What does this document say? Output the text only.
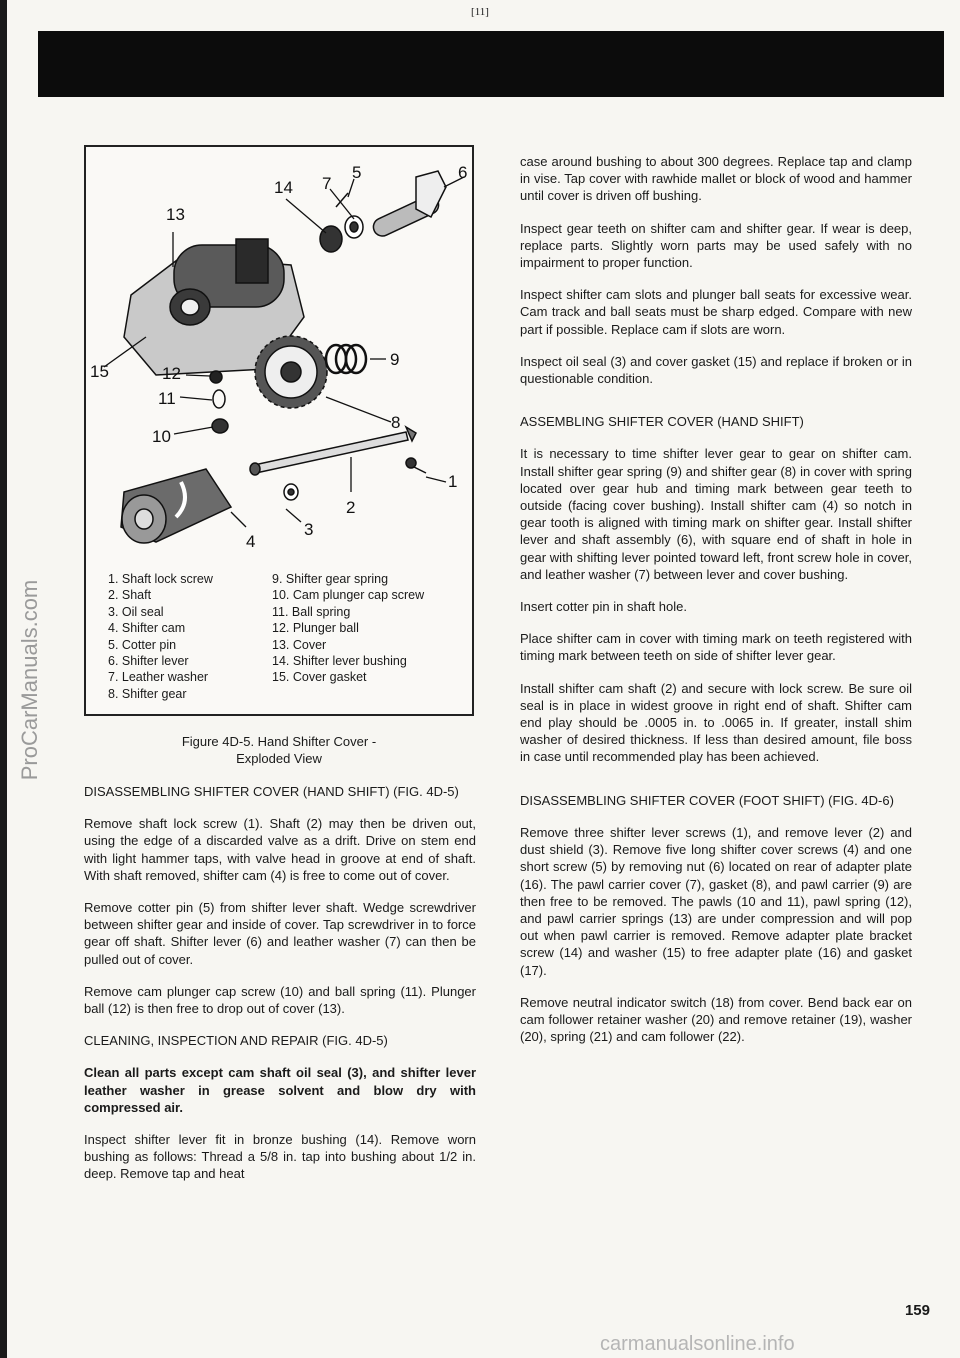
[11]
ProCarManuals.com
13
14 7
5	6
9
8
15	12
11
10
1
2
3
4
1. Shaft lock screw
2. Shaft
3. Oil seal
4. Shifter cam
5. Cotter pin
6. Shifter lever
7. Leather washer
8. Shifter gear
9. Shifter gear spring
10. Cam plunger cap screw
11. Ball spring
12. Plunger ball
13. Cover
14. Shifter lever bushing
15. Cover gasket
Figure 4D-5. Hand Shifter Cover -
Exploded View
DISASSEMBLING SHIFTER COVER (HAND SHIFT) (FIG. 4D-5)

Remove shaft lock screw (1). Shaft (2) may then be driven out, using the edge of a discarded valve as a drift. Drive on stem end with light hammer taps, with valve head in groove at end of shaft. With shaft removed, shifter cam (4) is free to come out of cover.

Remove cotter pin (5) from shifter lever shaft. Wedge screwdriver between shifter gear and inside of cover. Tap screwdriver in to force gear off shaft. Shifter lever (6) and leather washer (7) can then be pulled out of cover.

Remove cam plunger cap screw (10) and ball spring (11). Plunger ball (12) is then free to drop out of cover (13).

CLEANING, INSPECTION AND REPAIR (FIG. 4D-5)

Clean all parts except cam shaft oil seal (3), and shifter lever leather washer in grease solvent and blow dry with compressed air.

Inspect shifter lever fit in bronze bushing (14). Remove worn bushing as follows: Thread a 5/8 in. tap into bushing about 1/2 in. deep. Remove tap and heat

case around bushing to about 300 degrees. Replace tap and clamp in vise. Tap cover with rawhide mallet or block of wood and hammer until cover is driven off bushing.

Inspect gear teeth on shifter cam and shifter gear. If wear is deep, replace parts. Slightly worn parts may be used safely with no impairment to proper function.

Inspect shifter cam slots and plunger ball seats for excessive wear. Cam track and ball seats must be sharp edged. Compare with new part if possible. Replace cam if slots are worn.

Inspect oil seal (3) and cover gasket (15) and replace if broken or in questionable condition.

ASSEMBLING SHIFTER COVER (HAND SHIFT)

It is necessary to time shifter lever gear to gear on shifter cam. Install shifter gear spring (9) and shifter gear (8) in cover with spring located over gear hub and timing mark between gear teeth to outside (facing cover bushing). Install shifter cam (4) so notch in gear tooth is aligned with timing mark on shifter gear. Install shifter lever and shaft assembly (6), with square end of shaft in hole in gear with shifting lever pointed toward left, front screw hole in cover, and leather washer (7) between lever and cover bushing.

Insert cotter pin in shaft hole.

Place shifter cam in cover with timing mark on teeth registered with timing mark between teeth on side of shifter lever gear.

Install shifter cam shaft (2) and secure with lock screw. Be sure oil seal is in place in widest groove in right end of shaft. Shifter cam end play should be .0005 in. to .0065 in. If greater, install shim washer of desired thickness. If less than desired amount, file boss in case until recommended play has been achieved.

DISASSEMBLING SHIFTER COVER (FOOT SHIFT) (FIG. 4D-6)

Remove three shifter lever screws (1), and remove lever (2) and dust shield (3). Remove five long shifter cover screws (4) and one short screw (5) by removing nut (6) located on rear of adapter plate (16). The pawl carrier cover (7), gasket (8), and pawl carrier (9) are then free to be removed. The pawls (10 and 11), pawl spring (12), and pawl carrier springs (13) are under compression and will pop out when pawl carrier is removed. Remove adapter plate bracket screw (14) and washer (15) to free adapter plate (16) and gasket (17).

Remove neutral indicator switch (18) from cover. Bend back ear on cam follower retainer washer (20) and remove retainer (19), washer (20), spring (21) and cam follower (22).

159
carmanualsonline.info
